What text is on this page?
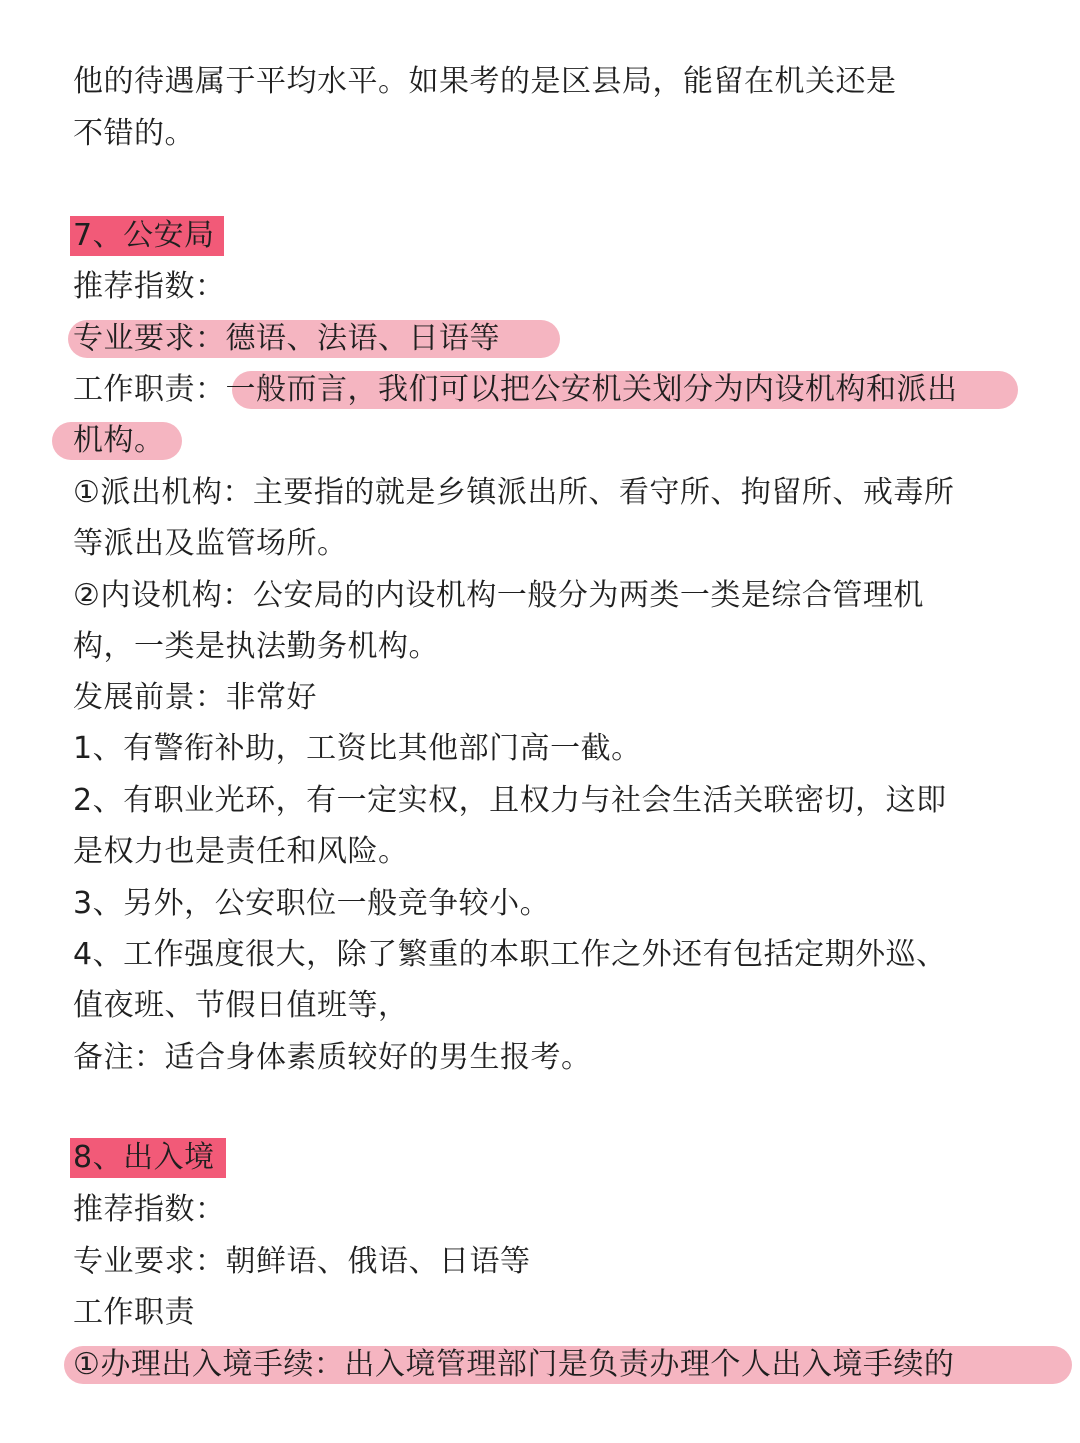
他的待遇属于平均水平。如果考的是区县局，能留在机关还是
不错的。
7、公安局
推荐指数：
专业要求：德语、法语、日语等
工作职责：一般而言，我们可以把公安机关划分为内设机构和派出
机构。
①派出机构：主要指的就是乡镇派出所、看守所、拘留所、戒毒所
等派出及监管场所。
②内设机构：公安局的内设机构一般分为两类一类是综合管理机
构，一类是执法勤务机构。
发展前景：非常好
1、有警衔补助，工资比其他部门高一截。
2、有职业光环，有一定实权，且权力与社会生活关联密切，这即
是权力也是责任和风险。
3、另外，公安职位一般竞争较小。
4、工作强度很大，除了繁重的本职工作之外还有包括定期外巡、
值夜班、节假日值班等，
备注：适合身体素质较好的男生报考。
8、出入境
推荐指数：
专业要求：朝鲜语、俄语、日语等
工作职责
①办理出入境手续：出入境管理部门是负责办理个人出入境手续的
